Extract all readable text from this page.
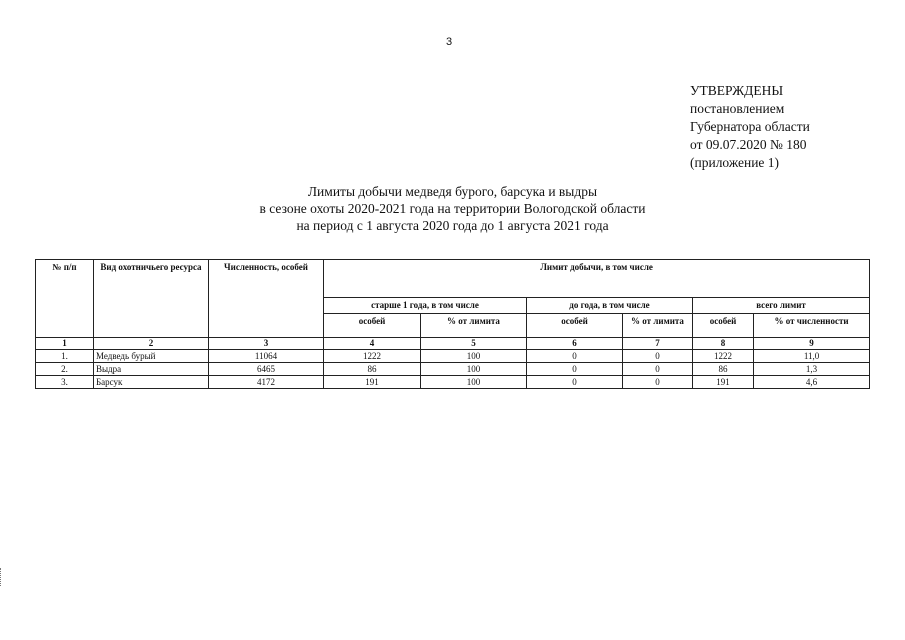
3
УТВЕРЖДЕНЫ
постановлением
Губернатора области
от 09.07.2020 № 180
(приложение 1)
Лимиты добычи медведя бурого, барсука и выдры
в сезоне охоты 2020-2021 года на территории Вологодской области
на период с 1 августа 2020 года до 1 августа 2021 года
№ п/п	Вид охотничьего ресурса	Численность, особей	Лимит добычи, в том числе					
			старше 1 года, в том числе		до года, в том числе		всего лимит	
			особей	% от лимита	особей	% от лимита	особей	% от численности
1	2	3	4	5	6	7	8	9
1.	Медведь бурый	11064	1222	100	0	0	1222	11,0
2.	Выдра	6465	86	100	0	0	86	1,3
3.	Барсук	4172	191	100	0	0	191	4,6
